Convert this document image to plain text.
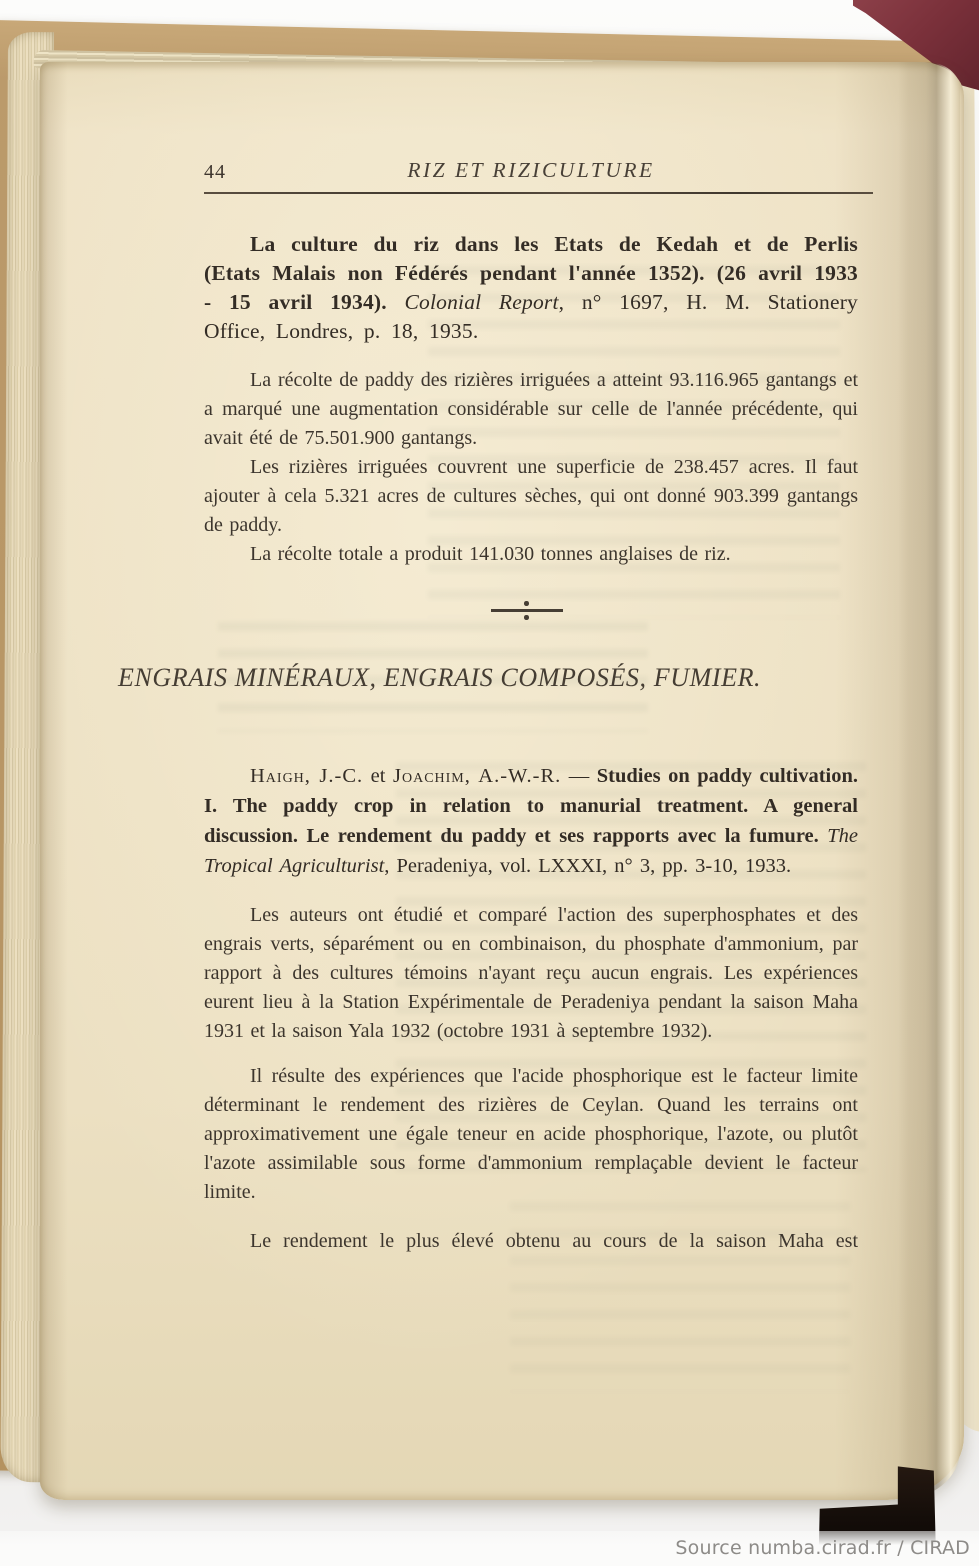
44	RIZ ET RIZICULTURE

La culture du riz dans les Etats de Kedah et de Perlis (Etats Malais non Fédérés pendant l'année 1352). (26 avril 1933 - 15 avril 1934). Colonial Report, n° 1697, H. M. Stationery Office, Londres, p. 18, 1935.

La récolte de paddy des rizières irriguées a atteint 93.116.965 gantangs et a marqué une augmentation considérable sur celle de l'année précédente, qui avait été de 75.501.900 gantangs.

Les rizières irriguées couvrent une superficie de 238.457 acres. Il faut ajouter à cela 5.321 acres de cultures sèches, qui ont donné 903.399 gantangs de paddy.

La récolte totale a produit 141.030 tonnes anglaises de riz.

ENGRAIS MINÉRAUX, ENGRAIS COMPOSÉS, FUMIER.

Haigh, J.-C. et Joachim, A.-W.-R. — Studies on paddy cultivation. I. The paddy crop in relation to manurial treatment. A general discussion. Le rendement du paddy et ses rapports avec la fumure. The Tropical Agriculturist, Peradeniya, vol. LXXXI, n° 3, pp. 3-10, 1933.

Les auteurs ont étudié et comparé l'action des superphosphates et des engrais verts, séparément ou en combinaison, du phosphate d'ammonium, par rapport à des cultures témoins n'ayant reçu aucun engrais. Les expériences eurent lieu à la Station Expérimentale de Peradeniya pendant la saison Maha 1931 et la saison Yala 1932 (octobre 1931 à septembre 1932).

Il résulte des expériences que l'acide phosphorique est le facteur limite déterminant le rendement des rizières de Ceylan. Quand les terrains ont approximativement une égale teneur en acide phosphorique, l'azote, ou plutôt l'azote assimilable sous forme d'ammonium remplaçable devient le facteur limite.

Le rendement le plus élevé obtenu au cours de la saison Maha est

Source numba.cirad.fr / CIRAD
